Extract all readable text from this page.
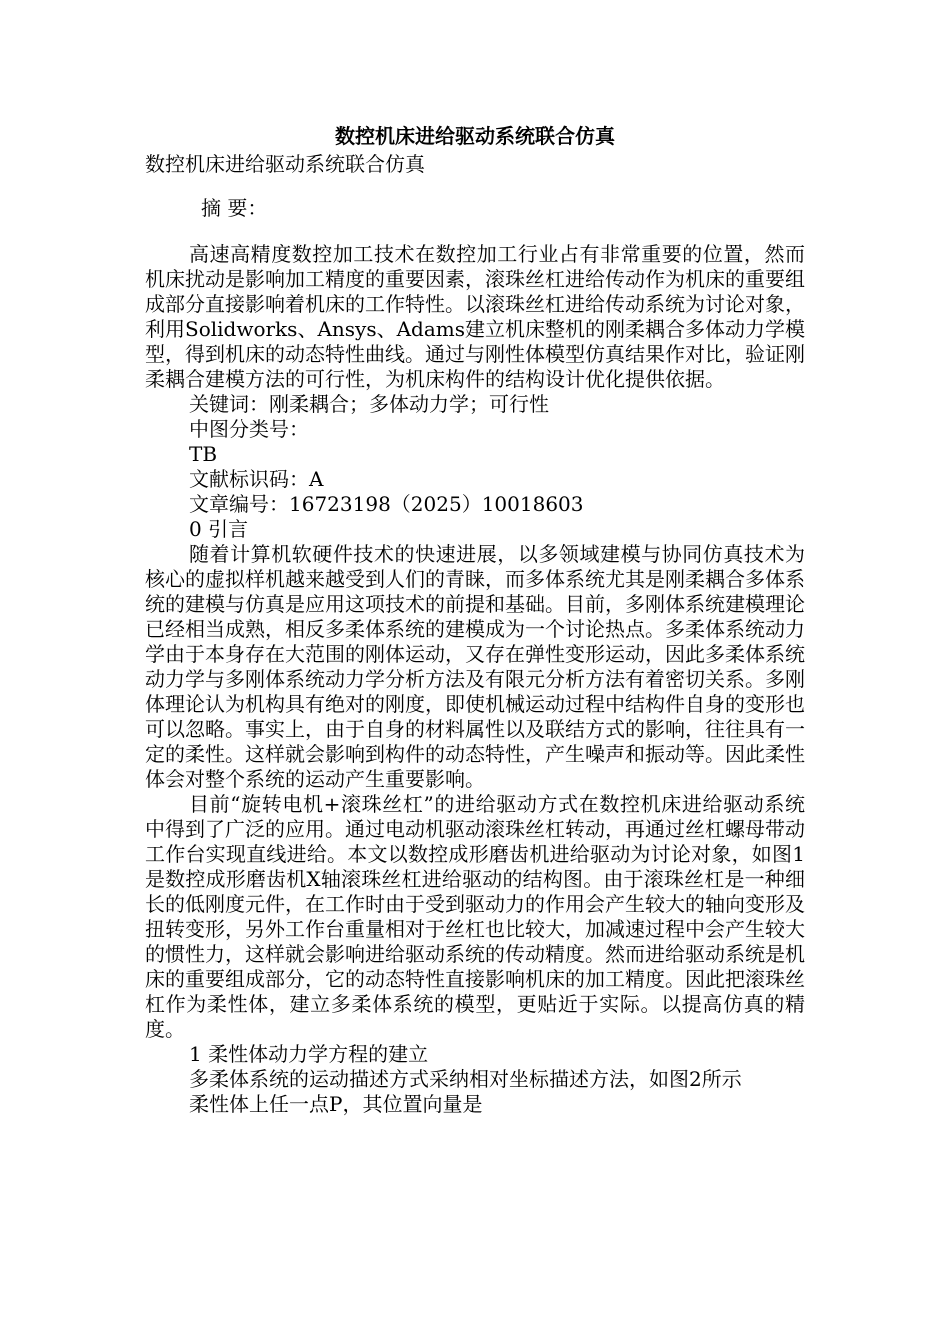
数控机床进给驱动系统联合仿真

数控机床进给驱动系统联合仿真

摘 要：

高速高精度数控加工技术在数控加工行业占有非常重要的位置，然而机床扰动是影响加工精度的重要因素，滚珠丝杠进给传动作为机床的重要组成部分直接影响着机床的工作特性。以滚珠丝杠进给传动系统为讨论对象，利用Solidworks、Ansys、Adams建立机床整机的刚柔耦合多体动力学模型，得到机床的动态特性曲线。通过与刚性体模型仿真结果作对比，验证刚柔耦合建模方法的可行性，为机床构件的结构设计优化提供依据。

关键词：刚柔耦合；多体动力学；可行性

中图分类号：

TB

文献标识码：A

文章编号：16723198（2025）10018603

0 引言

随着计算机软硬件技术的快速进展，以多领域建模与协同仿真技术为核心的虚拟样机越来越受到人们的青睐，而多体系统尤其是刚柔耦合多体系统的建模与仿真是应用这项技术的前提和基础。目前，多刚体系统建模理论已经相当成熟，相反多柔体系统的建模成为一个讨论热点。多柔体系统动力学由于本身存在大范围的刚体运动，又存在弹性变形运动，因此多柔体系统动力学与多刚体系统动力学分析方法及有限元分析方法有着密切关系。多刚体理论认为机构具有绝对的刚度，即使机械运动过程中结构件自身的变形也可以忽略。事实上，由于自身的材料属性以及联结方式的影响，往往具有一定的柔性。这样就会影响到构件的动态特性，产生噪声和振动等。因此柔性体会对整个系统的运动产生重要影响。

目前“旋转电机+滚珠丝杠”的进给驱动方式在数控机床进给驱动系统中得到了广泛的应用。通过电动机驱动滚珠丝杠转动，再通过丝杠螺母带动工作台实现直线进给。本文以数控成形磨齿机进给驱动为讨论对象，如图1是数控成形磨齿机X轴滚珠丝杠进给驱动的结构图。由于滚珠丝杠是一种细长的低刚度元件，在工作时由于受到驱动力的作用会产生较大的轴向变形及扭转变形，另外工作台重量相对于丝杠也比较大，加减速过程中会产生较大的惯性力，这样就会影响进给驱动系统的传动精度。然而进给驱动系统是机床的重要组成部分，它的动态特性直接影响机床的加工精度。因此把滚珠丝杠作为柔性体，建立多柔体系统的模型，更贴近于实际。以提高仿真的精度。

1 柔性体动力学方程的建立

多柔体系统的运动描述方式采纳相对坐标描述方法，如图2所示

柔性体上任一点P，其位置向量是
